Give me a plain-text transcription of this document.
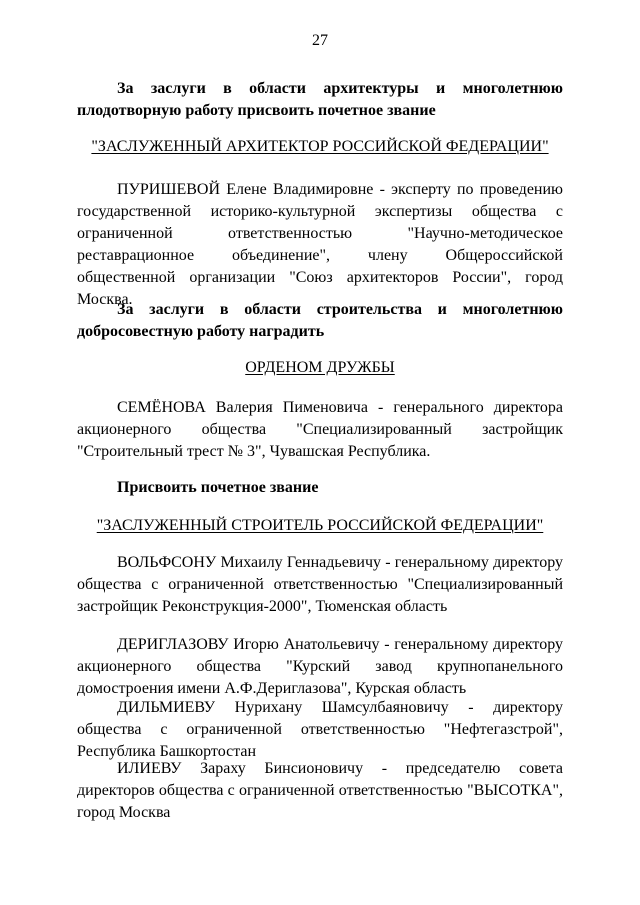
27
За заслуги в области архитектуры и многолетнюю плодотворную работу присвоить почетное звание
"ЗАСЛУЖЕННЫЙ АРХИТЕКТОР РОССИЙСКОЙ ФЕДЕРАЦИИ"
ПУРИШЕВОЙ Елене Владимировне - эксперту по проведению государственной историко-культурной экспертизы общества с ограниченной ответственностью "Научно-методическое реставрационное объединение", члену Общероссийской общественной организации "Союз архитекторов России", город Москва.
За заслуги в области строительства и многолетнюю добросовестную работу наградить
ОРДЕНОМ ДРУЖБЫ
СЕМЁНОВА Валерия Пименовича - генерального директора акционерного общества "Специализированный застройщик "Строительный трест № 3", Чувашская Республика.
Присвоить почетное звание
"ЗАСЛУЖЕННЫЙ СТРОИТЕЛЬ РОССИЙСКОЙ ФЕДЕРАЦИИ"
ВОЛЬФСОНУ Михаилу Геннадьевичу - генеральному директору общества с ограниченной ответственностью "Специализированный застройщик Реконструкция-2000", Тюменская область
ДЕРИГЛАЗОВУ Игорю Анатольевичу - генеральному директору акционерного общества "Курский завод крупнопанельного домостроения имени А.Ф.Дериглазова", Курская область
ДИЛЬМИЕВУ Нурихану Шамсулбаяновичу - директору общества с ограниченной ответственностью "Нефтегазстрой", Республика Башкортостан
ИЛИЕВУ Зараху Бинсионовичу - председателю совета директоров общества с ограниченной ответственностью "ВЫСОТКА", город Москва
